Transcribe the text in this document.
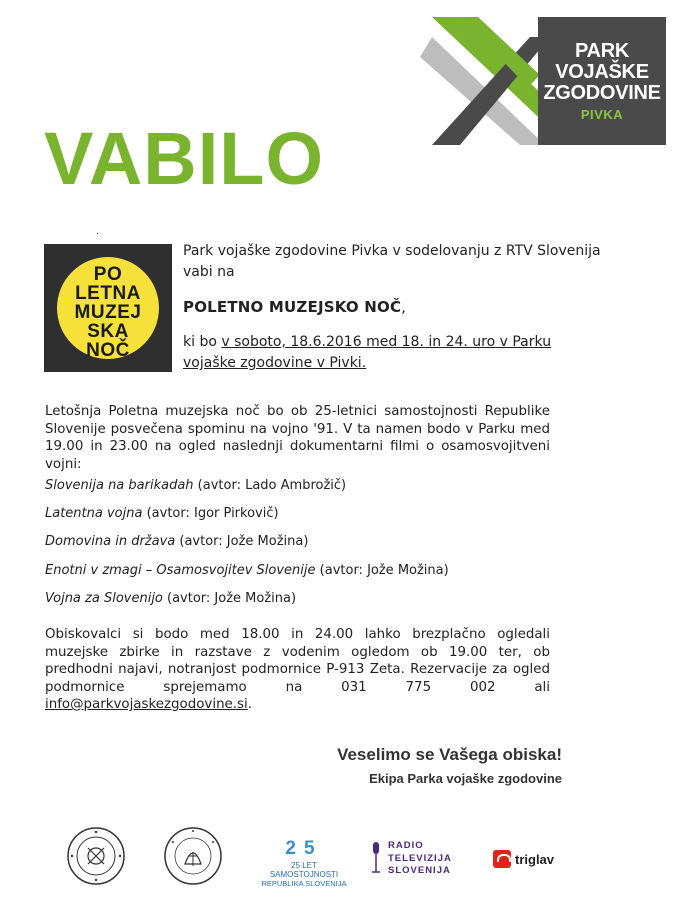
PARK
VOJAŠKE
ZGODOVINE
PIVKA
VABILO
.
PO
LETNA
MUZEJ
SKA
NOČ

Park vojaške zgodovine Pivka v sodelovanju z RTV Slovenija

vabi na

POLETNO MUZEJSKO NOČ,

ki bo v soboto, 18.6.2016 med 18. in 24. uro v Parku

vojaške zgodovine v Pivki.

Letošnja Poletna muzejska noč bo ob 25-letnici samostojnosti Republike Slovenije posvečena spominu na vojno '91. V ta namen bodo v Parku med 19.00 in 23.00 na ogled naslednji dokumentarni filmi o osamosvojitveni vojni:

Slovenija na barikadah (avtor: Lado Ambrožič)
Latentna vojna (avtor: Igor Pirkovič)
Domovina in država (avtor: Jože Možina)
Enotni v zmagi – Osamosvojitev Slovenije (avtor: Jože Možina)
Vojna za Slovenijo (avtor: Jože Možina)

Obiskovalci si bodo med 18.00 in 24.00 lahko brezplačno ogledali muzejske zbirke in razstave z vodenim ogledom ob 19.00 ter, ob predhodni najavi, notranjost podmornice P-913 Zeta. Rezervacije za ogled podmornice sprejemamo na 031 775 002 ali info@parkvojaskezgodovine.si.

Veselimo se Vašega obiska!
Ekipa Parka vojaške zgodovine
25
25 LET SAMOSTOJNOSTI
REPUBLIKA SLOVENIJA
RADIO
TELEVIZIJA
SLOVENIJA
triglav
